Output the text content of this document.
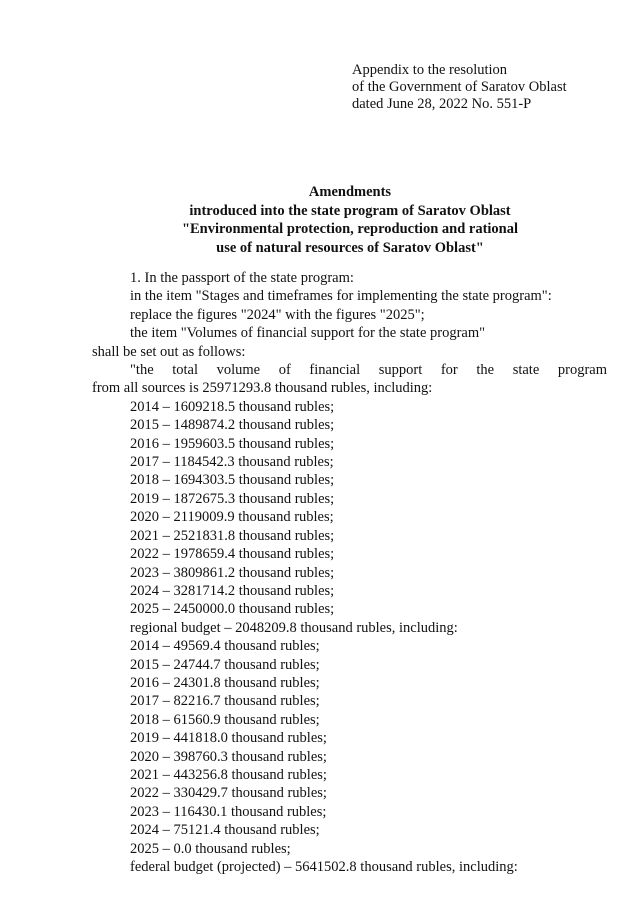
Appendix to the resolution
of the Government of Saratov Oblast
dated June 28, 2022 No. 551-P
Amendments
introduced into the state program of Saratov Oblast
"Environmental protection, reproduction and rational
use of natural resources of Saratov Oblast"
1. In the passport of the state program:
in the item "Stages and timeframes for implementing the state program":
replace the figures "2024" with the figures "2025";
the item "Volumes of financial support for the state program"
shall be set out as follows:
"the total volume of financial support for the state program
from all sources is 25971293.8 thousand rubles, including:
2014 – 1609218.5 thousand rubles;
2015 – 1489874.2 thousand rubles;
2016 – 1959603.5 thousand rubles;
2017 – 1184542.3 thousand rubles;
2018 – 1694303.5 thousand rubles;
2019 – 1872675.3 thousand rubles;
2020 – 2119009.9 thousand rubles;
2021 – 2521831.8 thousand rubles;
2022 – 1978659.4 thousand rubles;
2023 – 3809861.2 thousand rubles;
2024 – 3281714.2 thousand rubles;
2025 – 2450000.0 thousand rubles;
regional budget – 2048209.8 thousand rubles, including:
2014 – 49569.4 thousand rubles;
2015 – 24744.7 thousand rubles;
2016 – 24301.8 thousand rubles;
2017 – 82216.7 thousand rubles;
2018 – 61560.9 thousand rubles;
2019 – 441818.0 thousand rubles;
2020 – 398760.3 thousand rubles;
2021 – 443256.8 thousand rubles;
2022 – 330429.7 thousand rubles;
2023 – 116430.1 thousand rubles;
2024 – 75121.4 thousand rubles;
2025 – 0.0 thousand rubles;
federal budget (projected) – 5641502.8 thousand rubles, including:
